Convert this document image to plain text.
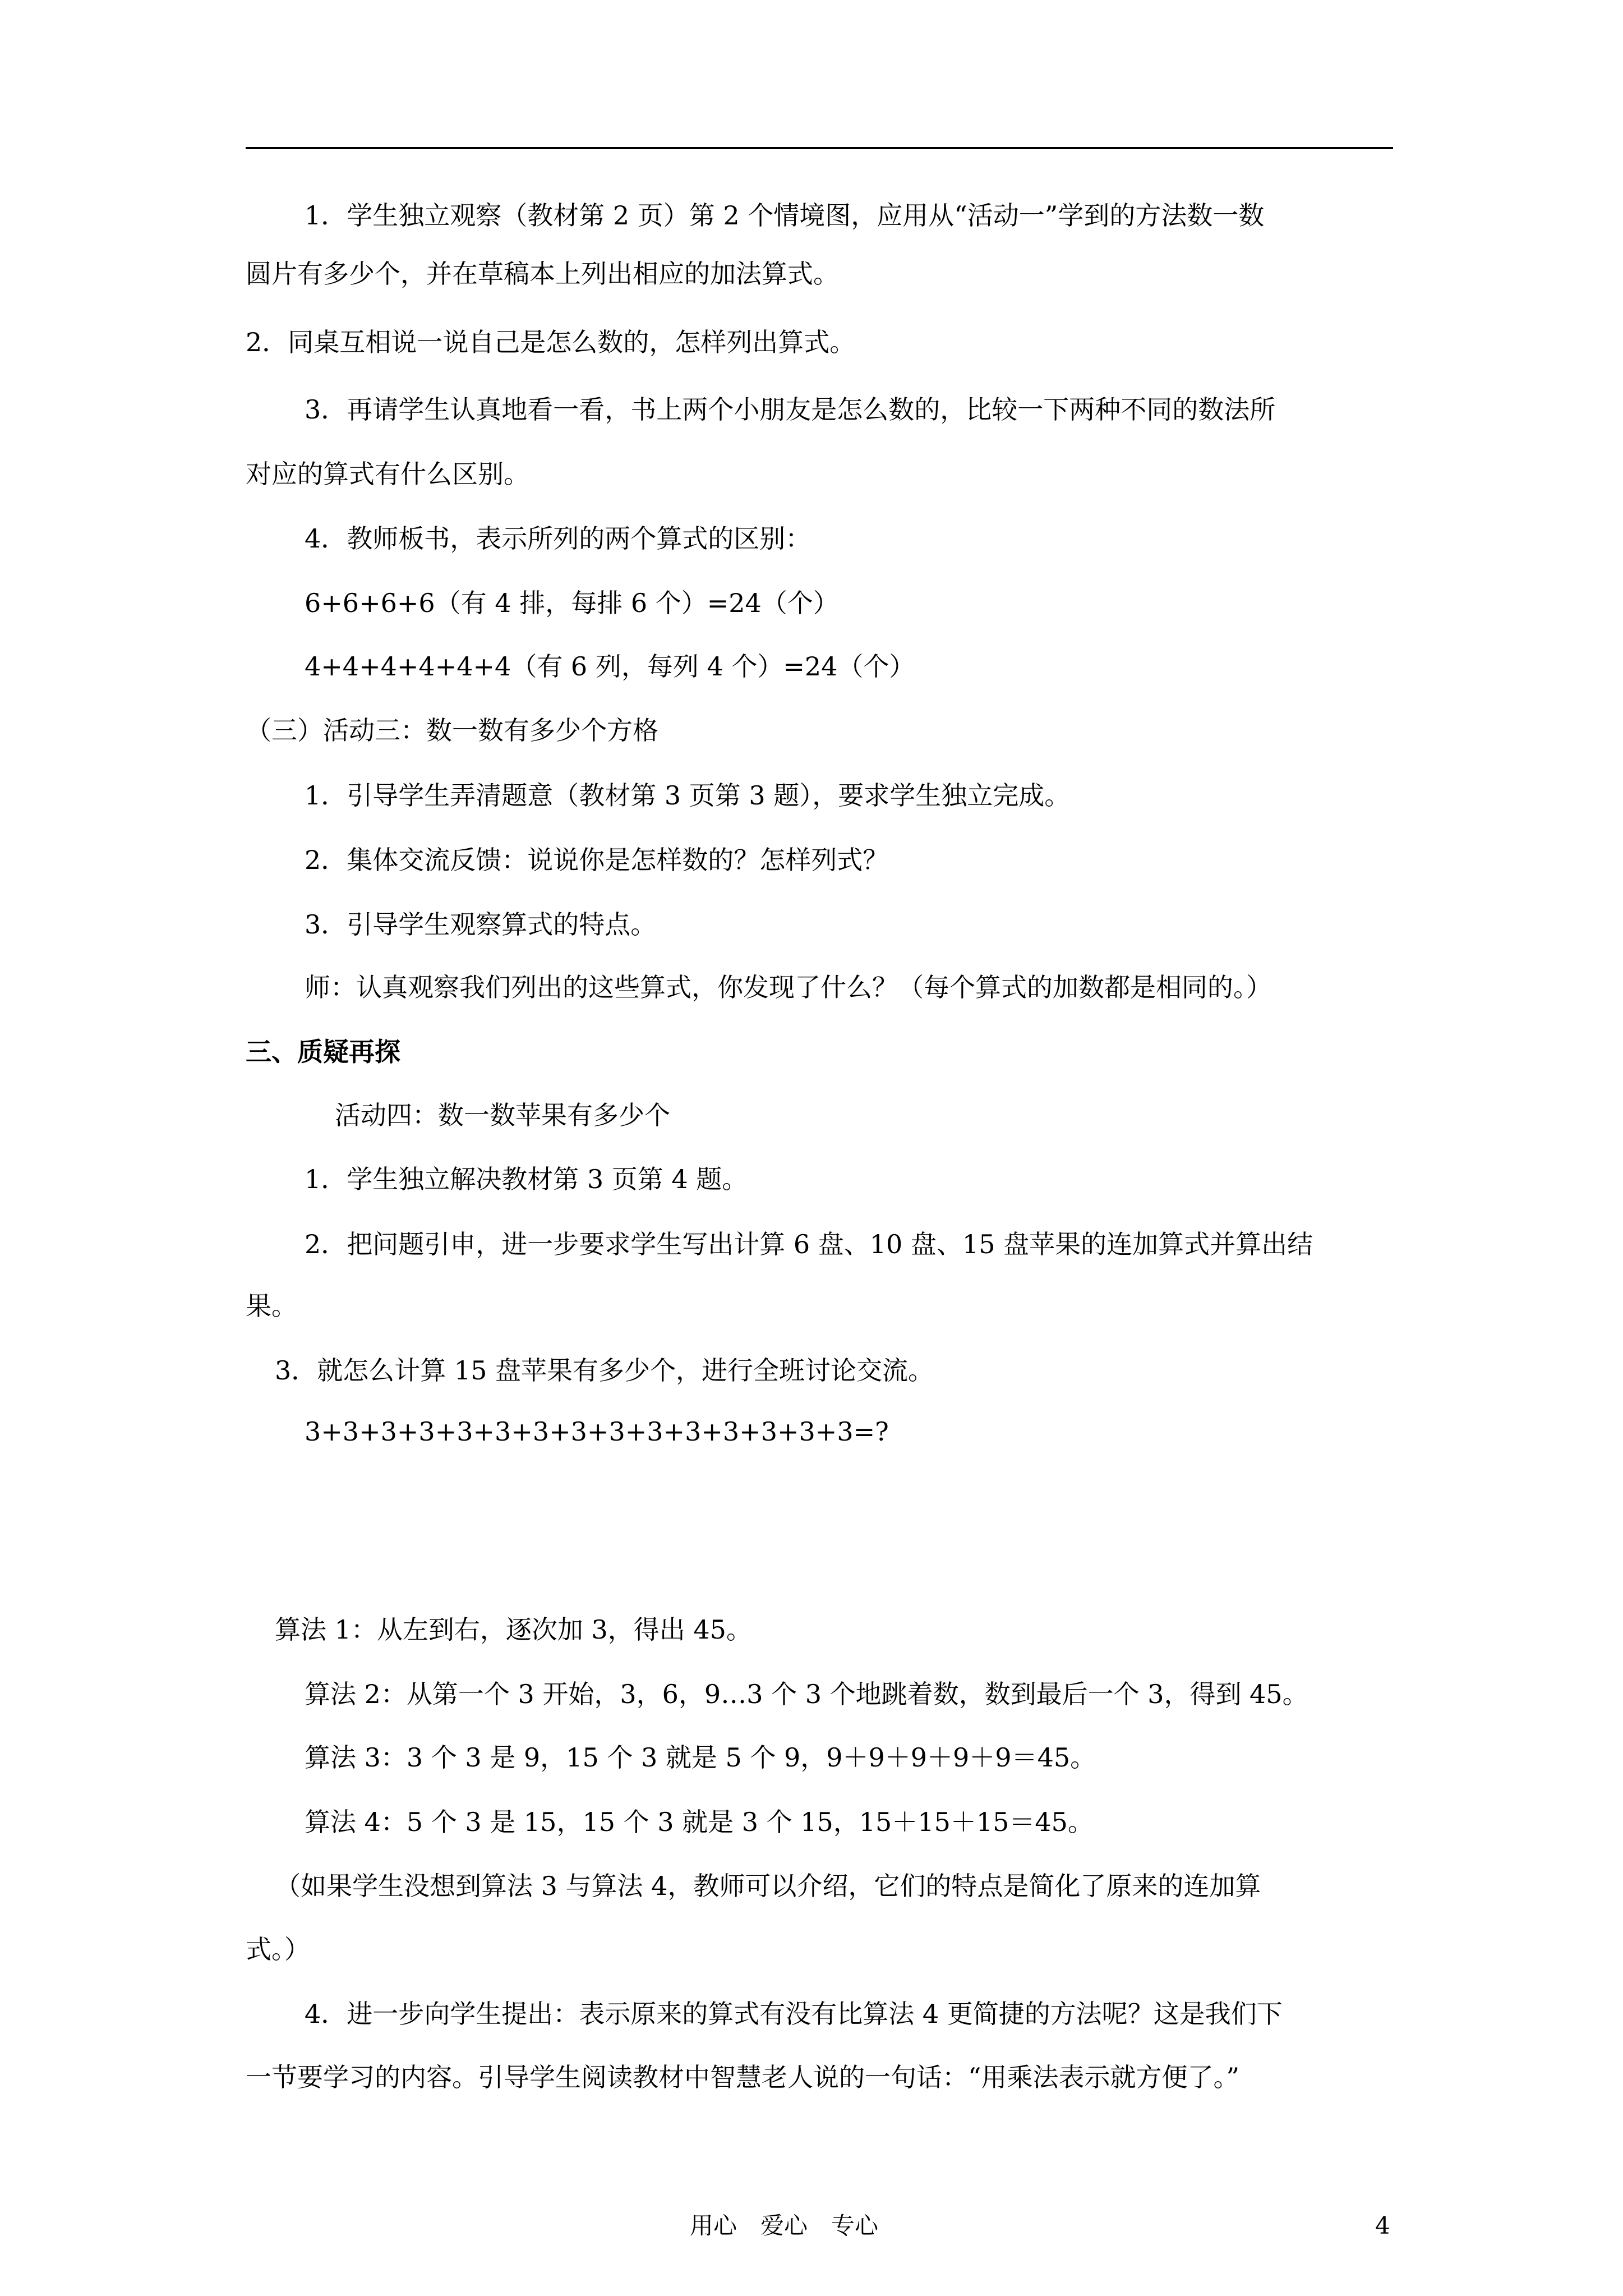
1．学生独立观察（教材第 2 页）第 2 个情境图，应用从“活动一”学到的方法数一数
圆片有多少个，并在草稿本上列出相应的加法算式。
2．同桌互相说一说自己是怎么数的，怎样列出算式。
3．再请学生认真地看一看，书上两个小朋友是怎么数的，比较一下两种不同的数法所
对应的算式有什么区别。
4．教师板书，表示所列的两个算式的区别：
6+6+6+6（有 4 排，每排 6 个）=24（个）
4+4+4+4+4+4（有 6 列，每列 4 个）=24（个）
（三）活动三：数一数有多少个方格
1．引导学生弄清题意（教材第 3 页第 3 题），要求学生独立完成。
2．集体交流反馈：说说你是怎样数的？怎样列式？
3．引导学生观察算式的特点。
师：认真观察我们列出的这些算式，你发现了什么？（每个算式的加数都是相同的。）
三、质疑再探
活动四：数一数苹果有多少个
1．学生独立解决教材第 3 页第 4 题。
2．把问题引申，进一步要求学生写出计算 6 盘、10 盘、15 盘苹果的连加算式并算出结
果。
3．就怎么计算 15 盘苹果有多少个，进行全班讨论交流。
3+3+3+3+3+3+3+3+3+3+3+3+3+3+3=?
算法 1：从左到右，逐次加 3，得出 45。
算法 2：从第一个 3 开始，3，6，9…3 个 3 个地跳着数，数到最后一个 3，得到 45。
算法 3：3 个 3 是 9，15 个 3 就是 5 个 9，9＋9＋9＋9＋9＝45。
算法 4：5 个 3 是 15，15 个 3 就是 3 个 15，15＋15＋15＝45。
（如果学生没想到算法 3 与算法 4，教师可以介绍，它们的特点是简化了原来的连加算
式。）
4．进一步向学生提出：表示原来的算式有没有比算法 4 更简捷的方法呢？这是我们下
一节要学习的内容。引导学生阅读教材中智慧老人说的一句话：“用乘法表示就方便了。”
用心　爱心　专心	4
